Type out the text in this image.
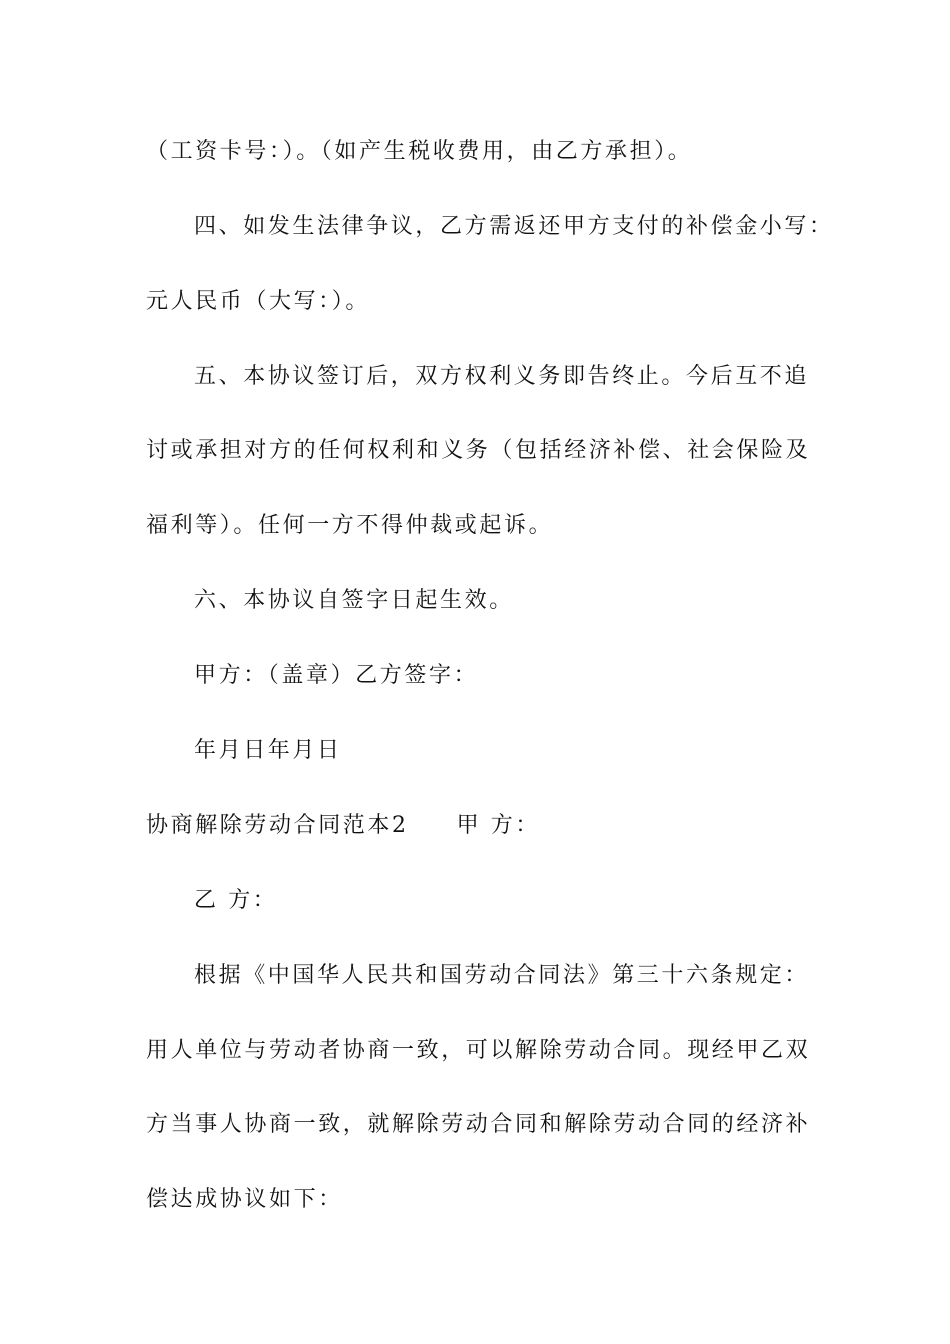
（工资卡号：）。（如产生税收费用，由乙方承担）。
四、如发生法律争议，乙方需返还甲方支付的补偿金小写：
元人民币（大写：）。
五、本协议签订后，双方权利义务即告终止。今后互不追
讨或承担对方的任何权利和义务（包括经济补偿、社会保险及
福利等）。任何一方不得仲裁或起诉。
六、本协议自签字日起生效。
甲方：（盖章）乙方签字：
年月日年月日
协商解除劳动合同范本2 甲 方：
乙 方：
根据《中国华人民共和国劳动合同法》第三十六条规定：
用人单位与劳动者协商一致，可以解除劳动合同。现经甲乙双
方当事人协商一致，就解除劳动合同和解除劳动合同的经济补
偿达成协议如下：
